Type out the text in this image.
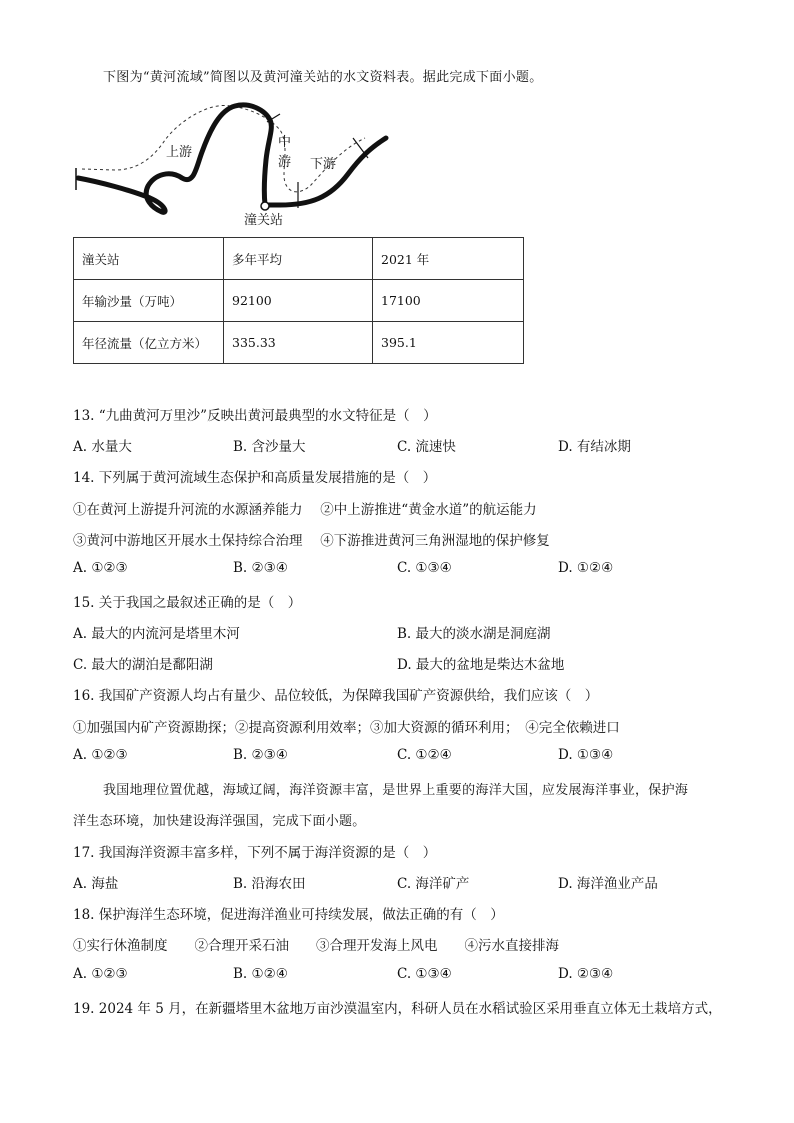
下图为“黄河流域”简图以及黄河潼关站的水文资料表。据此完成下面小题。
上游
中
游 下游
潼关站
潼关站	多年平均	2021 年
年输沙量（万吨）	92100	17100
年径流量（亿立方米）	335.33	395.1
13. “九曲黄河万里沙”反映出黄河最典型的水文特征是（　）
A. 水量大	B. 含沙量大	C. 流速快	D. 有结冰期
14. 下列属于黄河流域生态保护和高质量发展措施的是（　）
①在黄河上游提升河流的水源涵养能力　 ②中上游推进“黄金水道”的航运能力
③黄河中游地区开展水土保持综合治理　 ④下游推进黄河三角洲湿地的保护修复
A. ①②③	B. ②③④	C. ①③④	D. ①②④
15. 关于我国之最叙述正确的是（　）
A. 最大的内流河是塔里木河	B. 最大的淡水湖是洞庭湖
C. 最大的湖泊是鄱阳湖	D. 最大的盆地是柴达木盆地
16. 我国矿产资源人均占有量少、品位较低，为保障我国矿产资源供给，我们应该（　）
①加强国内矿产资源勘探；②提高资源利用效率；③加大资源的循环利用；　④完全依赖进口
A. ①②③	B. ②③④	C. ①②④	D. ①③④
我国地理位置优越，海域辽阔，海洋资源丰富，是世界上重要的海洋大国，应发展海洋事业，保护海
洋生态环境，加快建设海洋强国，完成下面小题。
17. 我国海洋资源丰富多样，下列不属于海洋资源的是（　）
A. 海盐	B. 沿海农田	C. 海洋矿产	D. 海洋渔业产品
18. 保护海洋生态环境，促进海洋渔业可持续发展，做法正确的有（　）
①实行休渔制度　　②合理开采石油　　③合理开发海上风电　　④污水直接排海
A. ①②③	B. ①②④	C. ①③④	D. ②③④
19. 2024 年 5 月，在新疆塔里木盆地万亩沙漠温室内，科研人员在水稻试验区采用垂直立体无土栽培方式，
